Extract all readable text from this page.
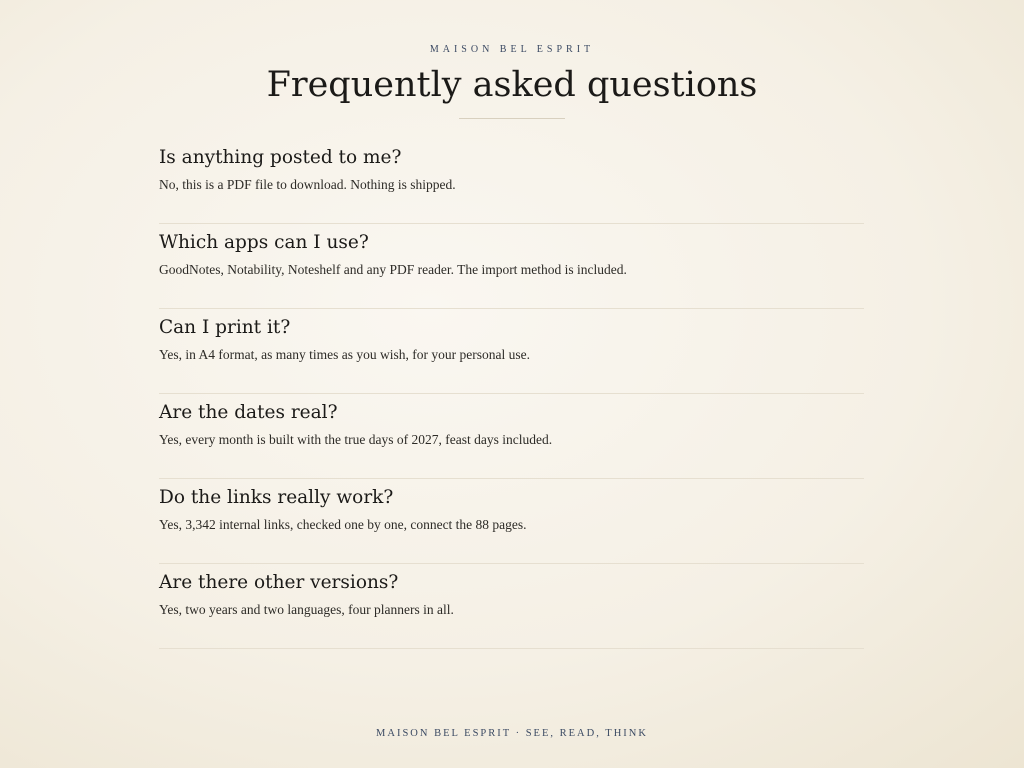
MAISON BEL ESPRIT

Frequently asked questions
Is anything posted to me?

No, this is a PDF file to download. Nothing is shipped.

Which apps can I use?

GoodNotes, Notability, Noteshelf and any PDF reader. The import method is included.

Can I print it?

Yes, in A4 format, as many times as you wish, for your personal use.

Are the dates real?

Yes, every month is built with the true days of 2027, feast days included.

Do the links really work?

Yes, 3,342 internal links, checked one by one, connect the 88 pages.

Are there other versions?

Yes, two years and two languages, four planners in all.

MAISON BEL ESPRIT · SEE, READ, THINK
